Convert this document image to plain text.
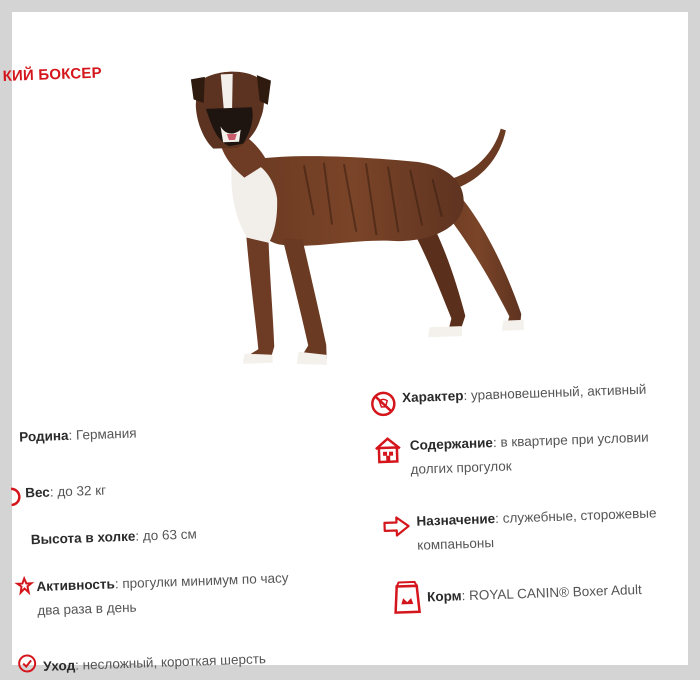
КИЙ БОКСЕР
Родина: Германия
Вес: до 32 кг
Высота в холке: до 63 см
Активность: прогулки минимум по часу
два раза в день
Уход: несложный, короткая шерсть
Характер: уравновешенный, активный
Содержание: в квартире при условии
долгих прогулок
Назначение: служебные, сторожевые
компаньоны
Корм: ROYAL CANIN® Boxer Adult
